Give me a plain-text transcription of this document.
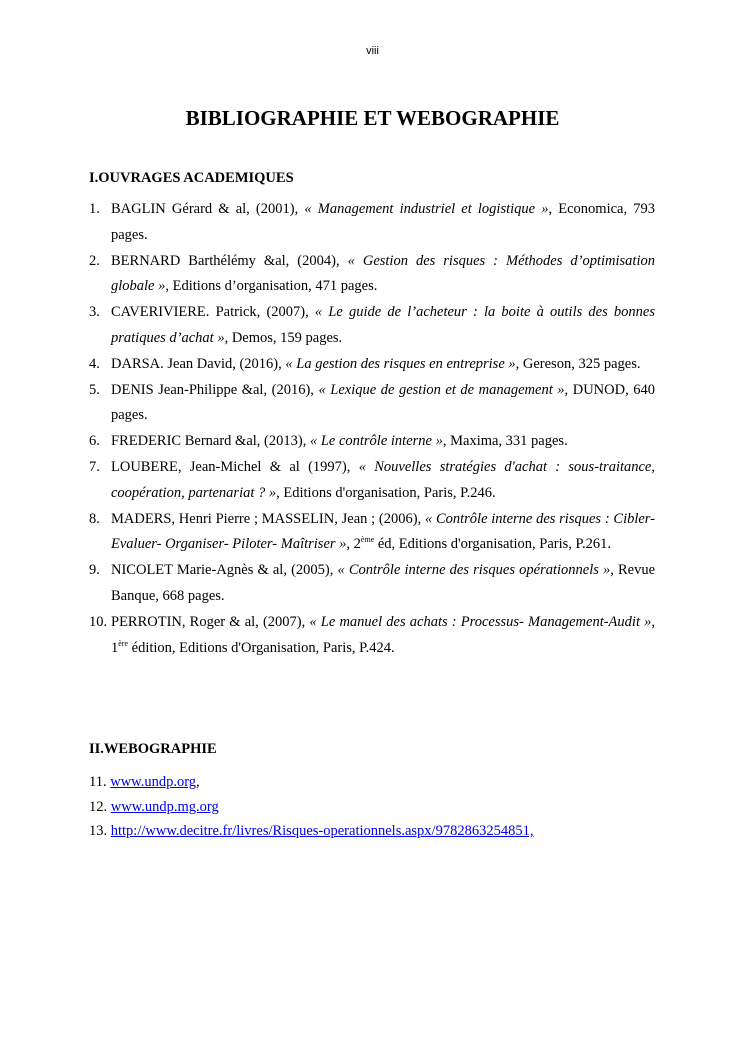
viii
BIBLIOGRAPHIE ET WEBOGRAPHIE
I.OUVRAGES ACADEMIQUES
1. BAGLIN Gérard & al, (2001), « Management industriel et logistique », Economica, 793 pages.
2. BERNARD Barthélémy &al, (2004), « Gestion des risques : Méthodes d’optimisation globale », Editions d’organisation, 471 pages.
3. CAVERIVIERE. Patrick, (2007), « Le guide de l’acheteur : la boite à outils des bonnes pratiques d’achat », Demos, 159 pages.
4. DARSA. Jean David, (2016), « La gestion des risques en entreprise », Gereson, 325 pages.
5. DENIS Jean-Philippe &al, (2016), « Lexique de gestion et de management », DUNOD, 640 pages.
6. FREDERIC Bernard &al, (2013), « Le contrôle interne », Maxima, 331 pages.
7. LOUBERE, Jean-Michel & al (1997), « Nouvelles stratégies d'achat : sous-traitance, coopération, partenariat ? », Editions d'organisation, Paris, P.246.
8. MADERS, Henri Pierre ; MASSELIN, Jean ; (2006), « Contrôle interne des risques : Cibler- Evaluer- Organiser- Piloter- Maîtriser », 2ème éd, Editions d'organisation, Paris, P.261.
9. NICOLET Marie-Agnès & al, (2005), « Contrôle interne des risques opérationnels », Revue Banque, 668 pages.
10. PERROTIN, Roger & al, (2007), « Le manuel des achats : Processus- Management-Audit », 1ère édition, Editions d'Organisation, Paris, P.424.
II.WEBOGRAPHIE
11. www.undp.org,
12. www.undp.mg.org
13. http://www.decitre.fr/livres/Risques-operationnels.aspx/9782863254851,
